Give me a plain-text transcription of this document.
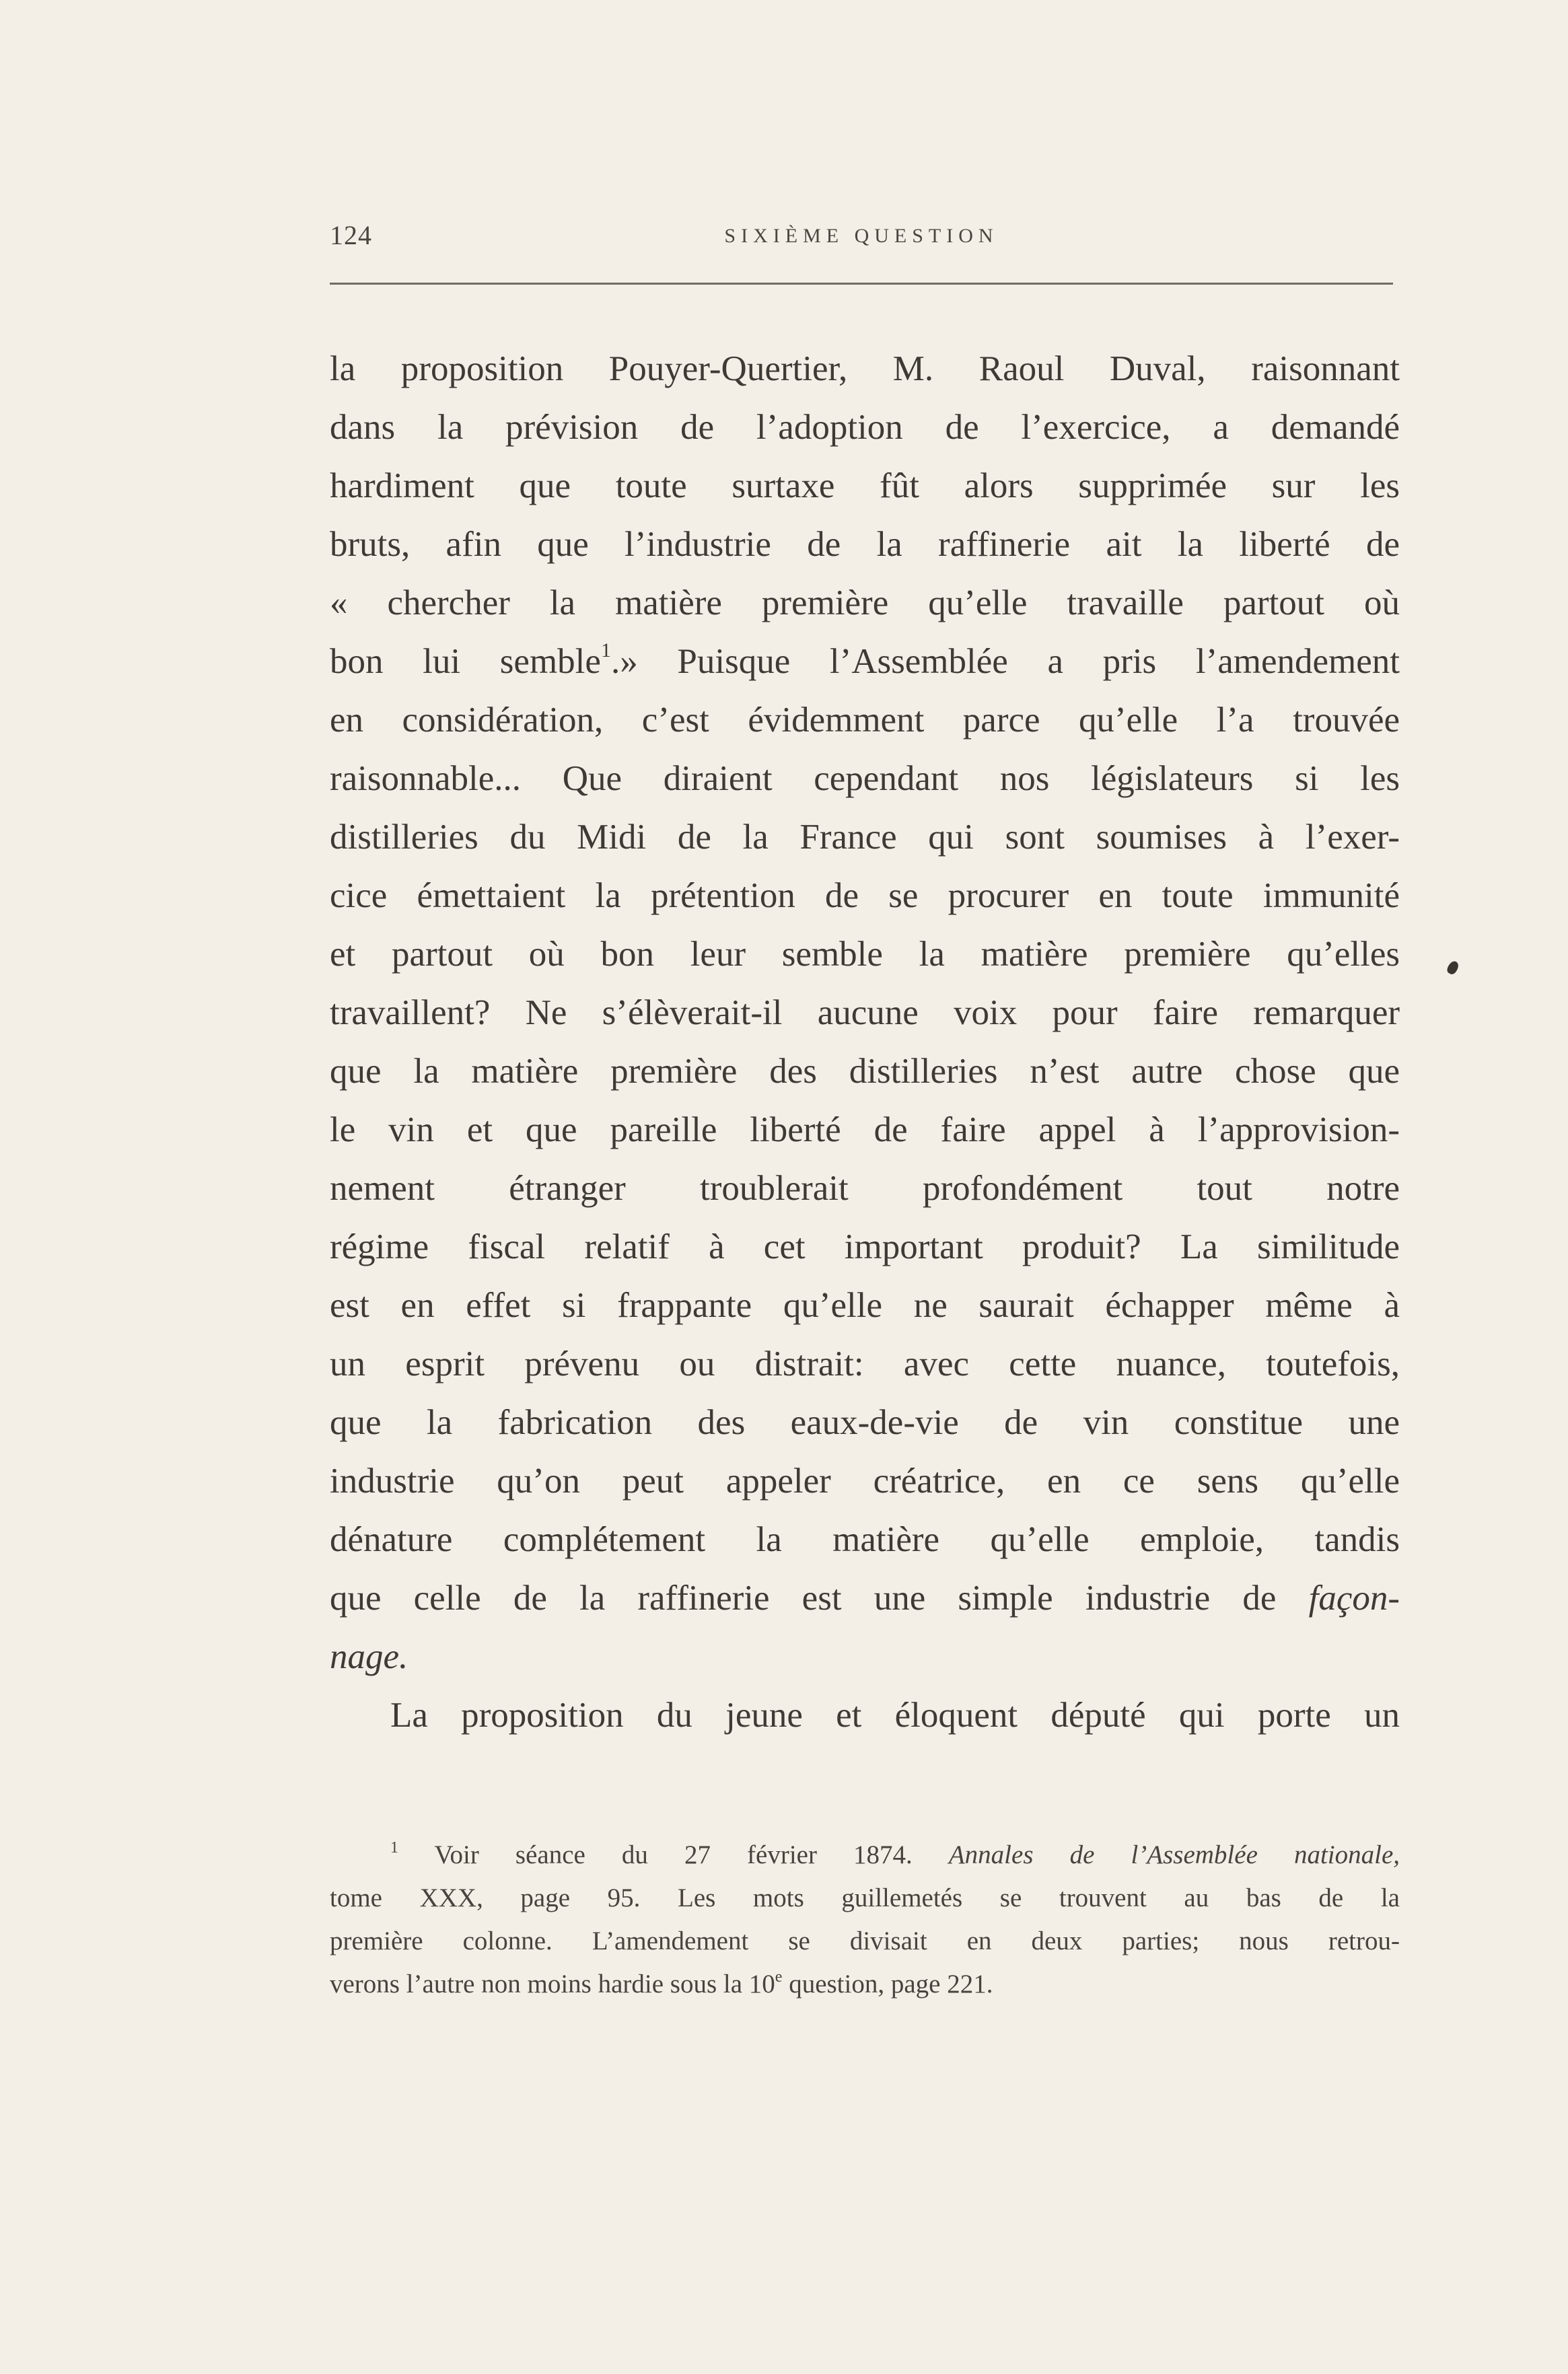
124	SIXIÈME QUESTION
la proposition Pouyer-Quertier, M. Raoul Duval, raisonnant
dans la prévision de l’adoption de l’exercice, a demandé
hardiment que toute surtaxe fût alors supprimée sur les
bruts, afin que l’industrie de la raffinerie ait la liberté de
« chercher la matière première qu’elle travaille partout où
bon lui semble$^1$.» Puisque l’Assemblée a pris l’amendement
en considération, c’est évidemment parce qu’elle l’a trouvée
raisonnable... Que diraient cependant nos législateurs si les
distilleries du Midi de la France qui sont soumises à l’exer-
cice émettaient la prétention de se procurer en toute immunité
et partout où bon leur semble la matière première qu’elles
travaillent? Ne s’élèverait-il aucune voix pour faire remarquer
que la matière première des distilleries n’est autre chose que
le vin et que pareille liberté de faire appel à l’approvision-
nement étranger troublerait profondément tout notre
régime fiscal relatif à cet important produit? La similitude
est en effet si frappante qu’elle ne saurait échapper même à
un esprit prévenu ou distrait: avec cette nuance, toutefois,
que la fabrication des eaux-de-vie de vin constitue une
industrie qu’on peut appeler créatrice, en ce sens qu’elle
dénature complétement la matière qu’elle emploie, tandis
que celle de la raffinerie est une simple industrie de façon-
nage.
La proposition du jeune et éloquent député qui porte un
$^1$ Voir séance du 27 février 1874. Annales de l’Assemblée nationale,
tome XXX, page 95. Les mots guillemetés se trouvent au bas de la
première colonne. L’amendement se divisait en deux parties; nous retrou-
verons l’autre non moins hardie sous la 10e question, page 221.
